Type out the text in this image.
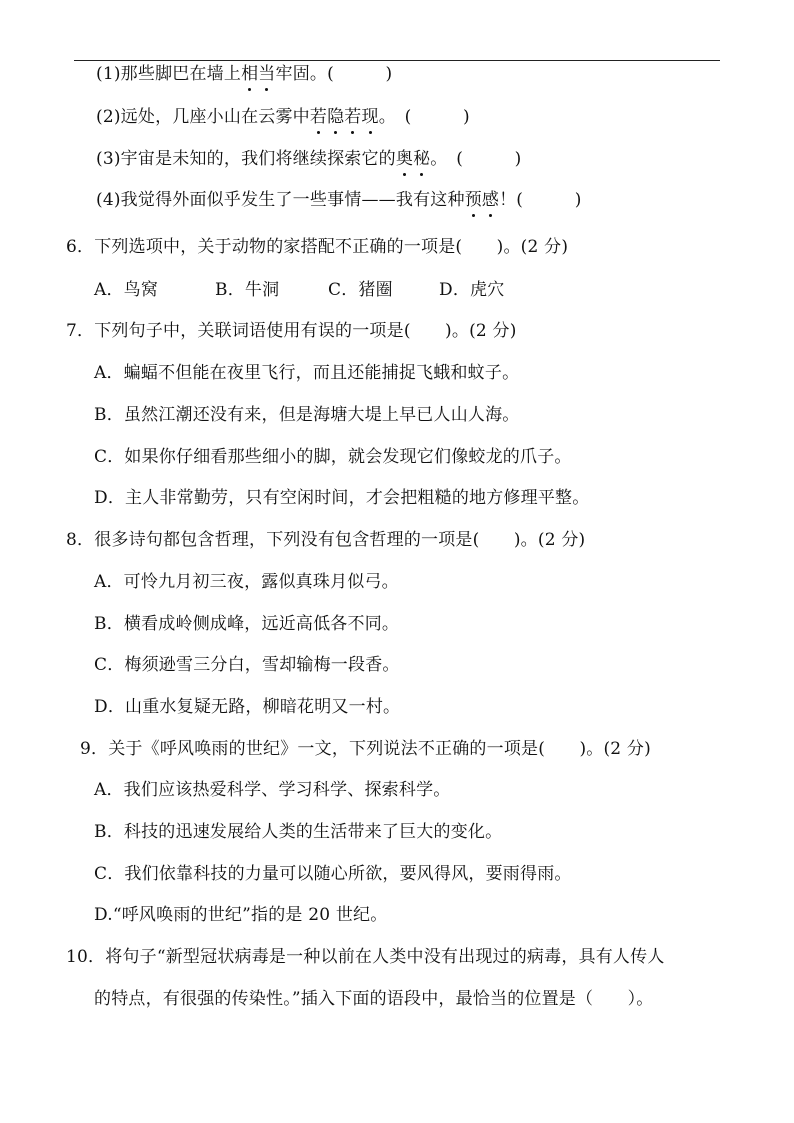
(1)那些脚巴在墙上相当牢固。(　　　)
(2)远处，几座小山在云雾中若隐若现。　(　　　)
(3)宇宙是未知的，我们将继续探索它的奥秘。　(　　　)
(4)我觉得外面似乎发生了一些事情——我有这种预感！(　　　)
6．下列选项中，关于动物的家搭配不正确的一项是(　　)。(2 分)
A．鸟窝	B．牛洞	C．猪圈	D．虎穴
7．下列句子中，关联词语使用有误的一项是(　　)。(2 分)
A．蝙蝠不但能在夜里飞行，而且还能捕捉飞蛾和蚊子。
B．虽然江潮还没有来，但是海塘大堤上早已人山人海。
C．如果你仔细看那些细小的脚，就会发现它们像蛟龙的爪子。
D．主人非常勤劳，只有空闲时间，才会把粗糙的地方修理平整。
8．很多诗句都包含哲理，下列没有包含哲理的一项是(　　)。(2 分)
A．可怜九月初三夜，露似真珠月似弓。
B．横看成岭侧成峰，远近高低各不同。
C．梅须逊雪三分白，雪却输梅一段香。
D．山重水复疑无路，柳暗花明又一村。
9．关于《呼风唤雨的世纪》一文，下列说法不正确的一项是(　　)。(2 分)
A．我们应该热爱科学、学习科学、探索科学。
B．科技的迅速发展给人类的生活带来了巨大的变化。
C．我们依靠科技的力量可以随心所欲，要风得风，要雨得雨。
D.“呼风唤雨的世纪”指的是 20 世纪。
10．将句子“新型冠状病毒是一种以前在人类中没有出现过的病毒，具有人传人
的特点，有很强的传染性。”插入下面的语段中，最恰当的位置是（　　）。
